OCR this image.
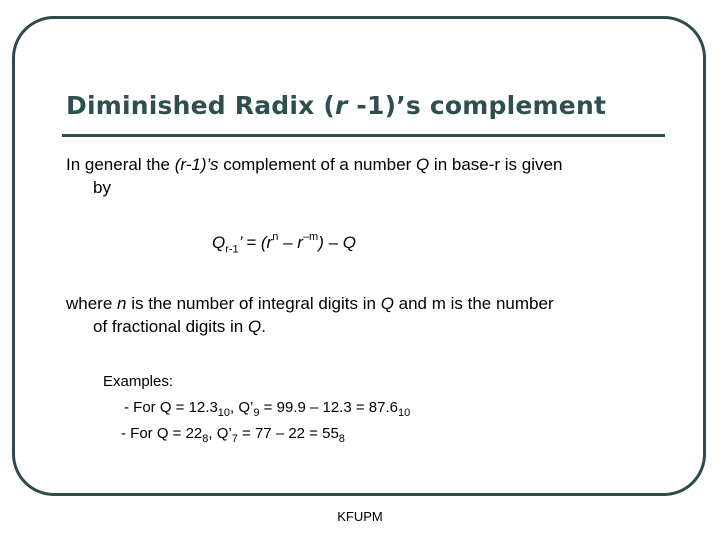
Diminished Radix (r -1)’s complement
In general the (r-1)’s complement of a number Q in base-r is given
by
$Q_{r-1}$’ = $(r^n - r^{-m})$ – Q
where n is the number of integral digits in Q and m is the number
of fractional digits in Q.
Examples:
- For $Q = 12.3_{10}$, $Q’_9 = 99.9 - 12.3 = 87.6_{10}$
- For $Q = 22_8$, $Q’_7 = 77 - 22 = 55_8$
KFUPM
